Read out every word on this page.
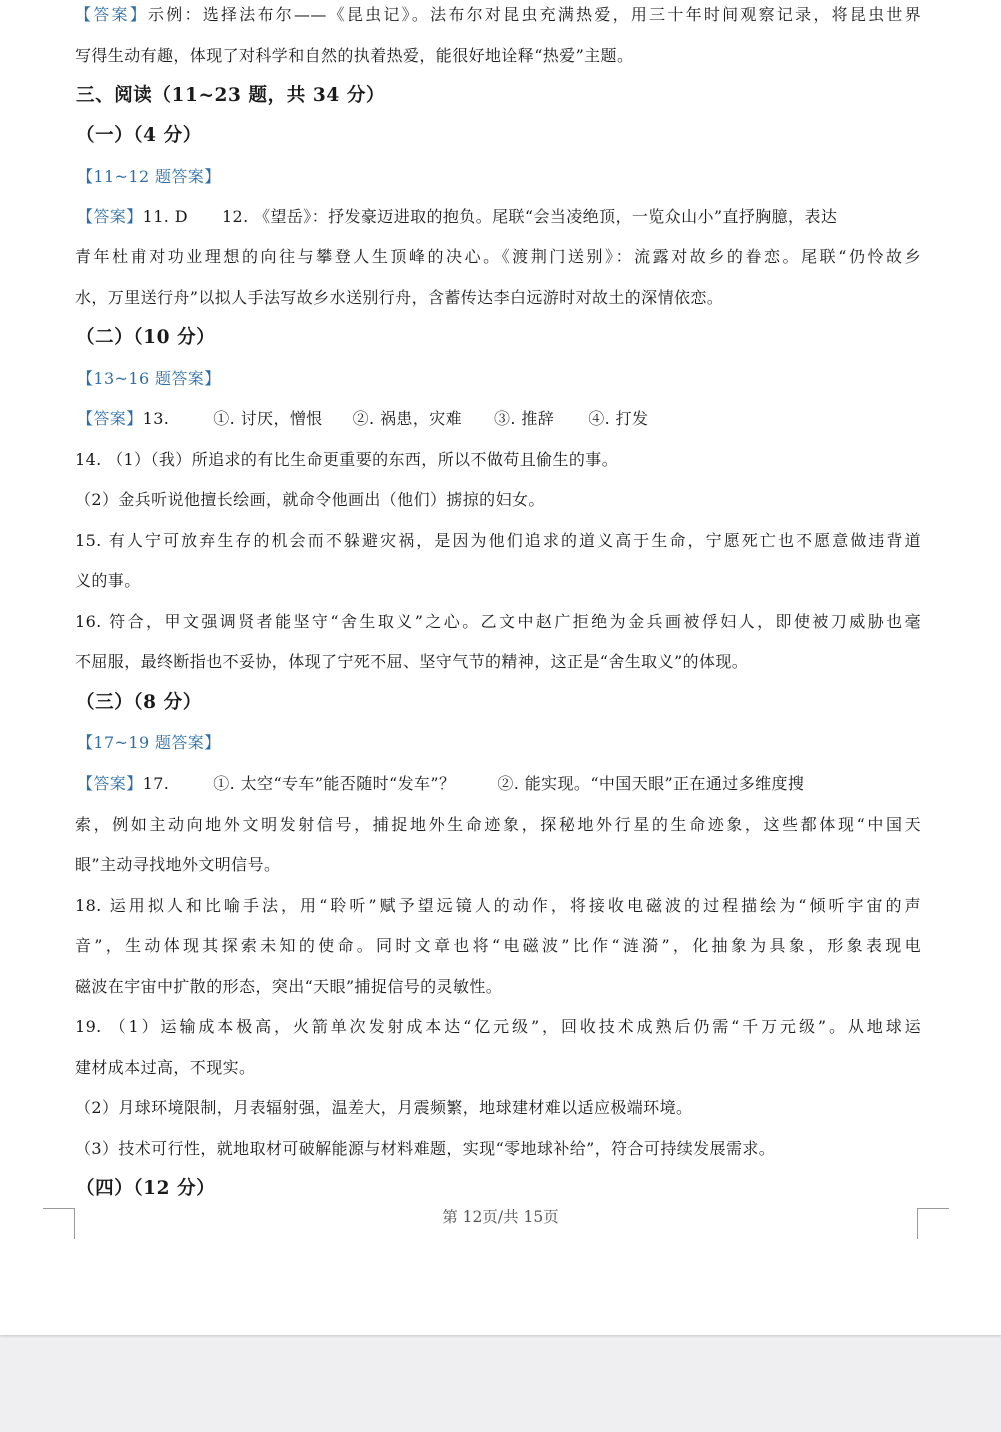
【答案】示例：选择法布尔——《昆虫记》。法布尔对昆虫充满热爱，用三十年时间观察记录，将昆虫世界
写得生动有趣，体现了对科学和自然的执着热爱，能很好地诠释“热爱”主题。
三、阅读（11~23 题，共 34 分）
（一）（4 分）
【11~12 题答案】
【答案】11. D 12. 《望岳》：抒发豪迈进取的抱负。尾联“会当凌绝顶，一览众山小”直抒胸臆，表达
青年杜甫对功业理想的向往与攀登人生顶峰的决心。《渡荆门送别》：流露对故乡的眷恋。尾联“仍怜故乡
水，万里送行舟”以拟人手法写故乡水送别行舟，含蓄传达李白远游时对故土的深情依恋。
（二）（10 分）
【13~16 题答案】
【答案】13.	①. 讨厌，憎恨 ②. 祸患，灾难 ③. 推辞 ④. 打发
14. （1）（我）所追求的有比生命更重要的东西，所以不做苟且偷生的事。
（2）金兵听说他擅长绘画，就命令他画出（他们）掳掠的妇女。
15. 有人宁可放弃生存的机会而不躲避灾祸，是因为他们追求的道义高于生命，宁愿死亡也不愿意做违背道
义的事。
16. 符合，甲文强调贤者能坚守“舍生取义”之心。乙文中赵广拒绝为金兵画被俘妇人，即使被刀威胁也毫
不屈服，最终断指也不妥协，体现了宁死不屈、坚守气节的精神，这正是“舍生取义”的体现。
（三）（8 分）
【17~19 题答案】
【答案】17.	①. 太空“专车”能否随时“发车”？	②. 能实现。“中国天眼”正在通过多维度搜
索，例如主动向地外文明发射信号，捕捉地外生命迹象，探秘地外行星的生命迹象，这些都体现“中国天
眼”主动寻找地外文明信号。
18. 运用拟人和比喻手法，用“聆听”赋予望远镜人的动作，将接收电磁波的过程描绘为“倾听宇宙的声
音”，生动体现其探索未知的使命。同时文章也将“电磁波”比作“涟漪”，化抽象为具象，形象表现电
磁波在宇宙中扩散的形态，突出“天眼”捕捉信号的灵敏性。
19. （1）运输成本极高，火箭单次发射成本达“亿元级”，回收技术成熟后仍需“千万元级”。从地球运
建材成本过高，不现实。
（2）月球环境限制，月表辐射强，温差大，月震频繁，地球建材难以适应极端环境。
（3）技术可行性，就地取材可破解能源与材料难题，实现“零地球补给”，符合可持续发展需求。
（四）（12 分）
第 12页/共 15页
